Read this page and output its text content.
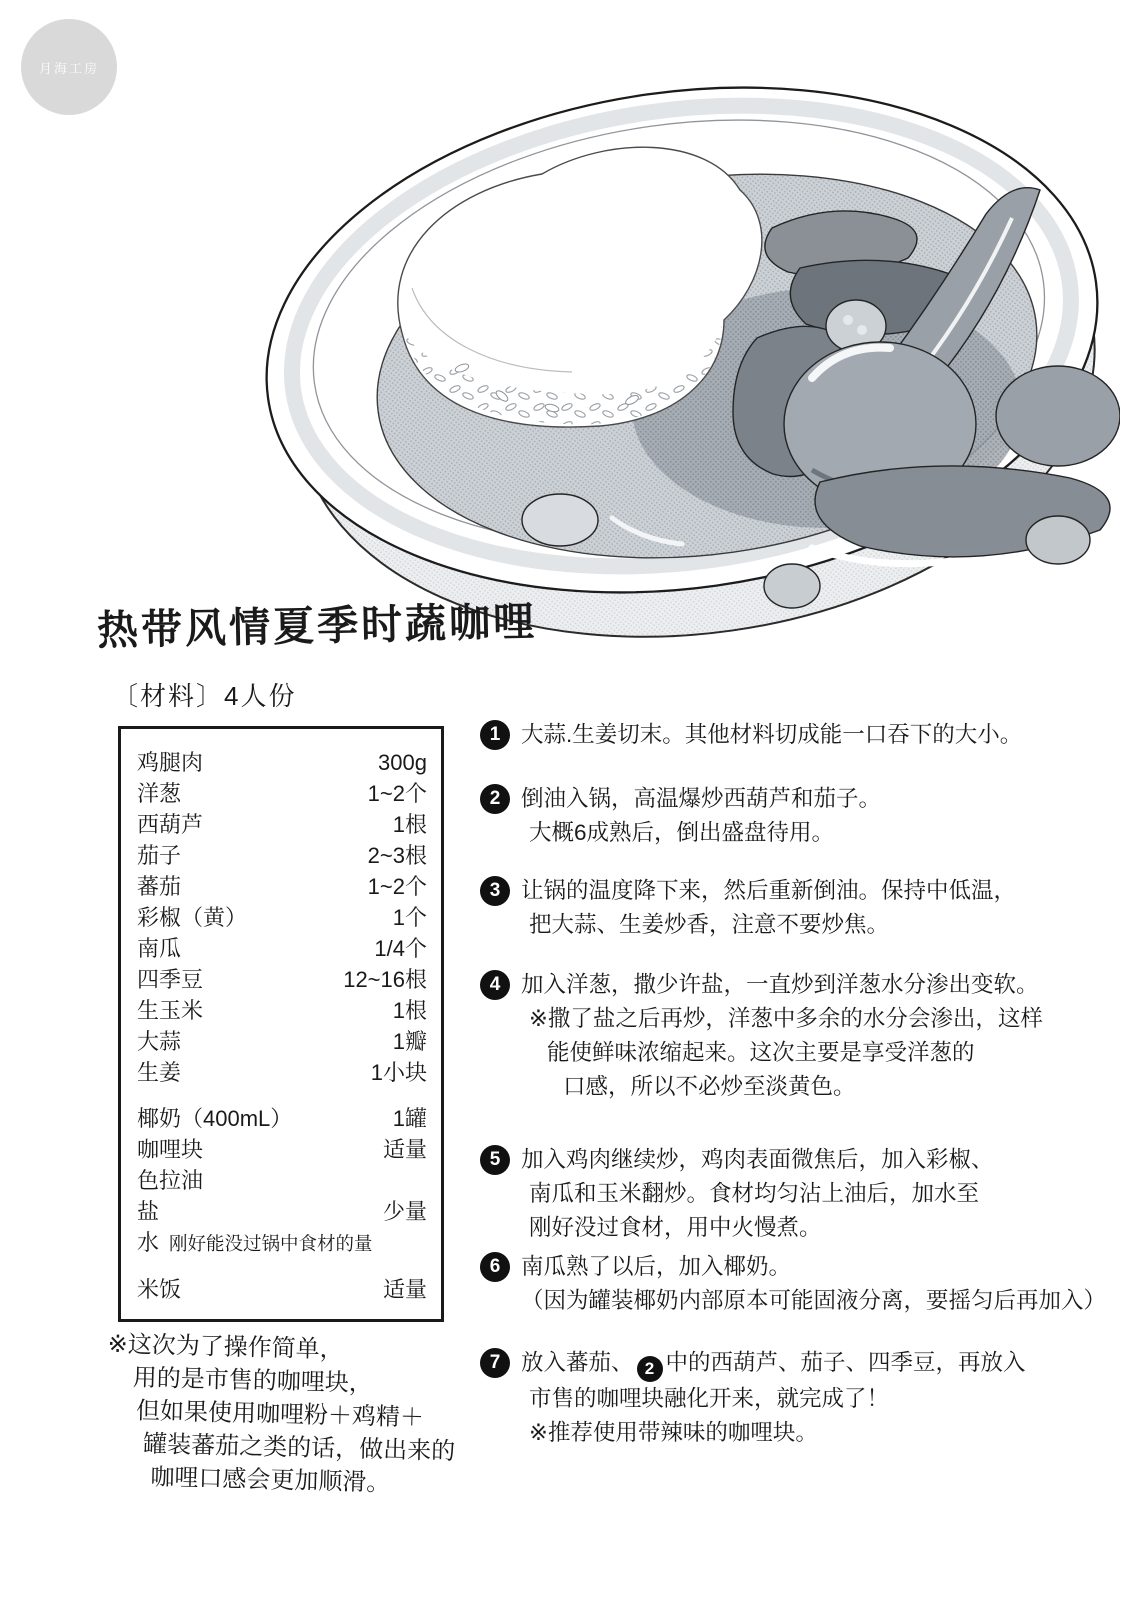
月海工房
热带风情夏季时蔬咖哩
〔材料〕4人份
鸡腿肉	300g
洋葱	1~2个
西葫芦	1根
茄子	2~3根
蕃茄	1~2个
彩椒（黄）	1个
南瓜	1/4个
四季豆	12~16根
生玉米	1根
大蒜	1瓣
生姜	1小块
椰奶（400mL）	1罐
咖哩块	适量
色拉油
盐	少量
水 刚好能没过锅中食材的量
米饭	适量
※这次为了操作简单，
用的是市售的咖哩块，
但如果使用咖哩粉＋鸡精＋
罐装蕃茄之类的话，做出来的
咖哩口感会更加顺滑。
1 大蒜.生姜切末。其他材料切成能一口吞下的大小。
2 倒油入锅，高温爆炒西葫芦和茄子。
大概6成熟后，倒出盛盘待用。
3 让锅的温度降下来，然后重新倒油。保持中低温，
把大蒜、生姜炒香，注意不要炒焦。
4 加入洋葱，撒少许盐，一直炒到洋葱水分渗出变软。
※撒了盐之后再炒，洋葱中多余的水分会渗出，这样
能使鲜味浓缩起来。这次主要是享受洋葱的
口感，所以不必炒至淡黄色。
5 加入鸡肉继续炒，鸡肉表面微焦后，加入彩椒、
南瓜和玉米翻炒。食材均匀沾上油后，加水至
刚好没过食材，用中火慢煮。
6 南瓜熟了以后，加入椰奶。
（因为罐装椰奶内部原本可能固液分离，要摇匀后再加入）
7 放入蕃茄、 2 中的西葫芦、茄子、四季豆，再放入
市售的咖哩块融化开来，就完成了！
※推荐使用带辣味的咖哩块。
